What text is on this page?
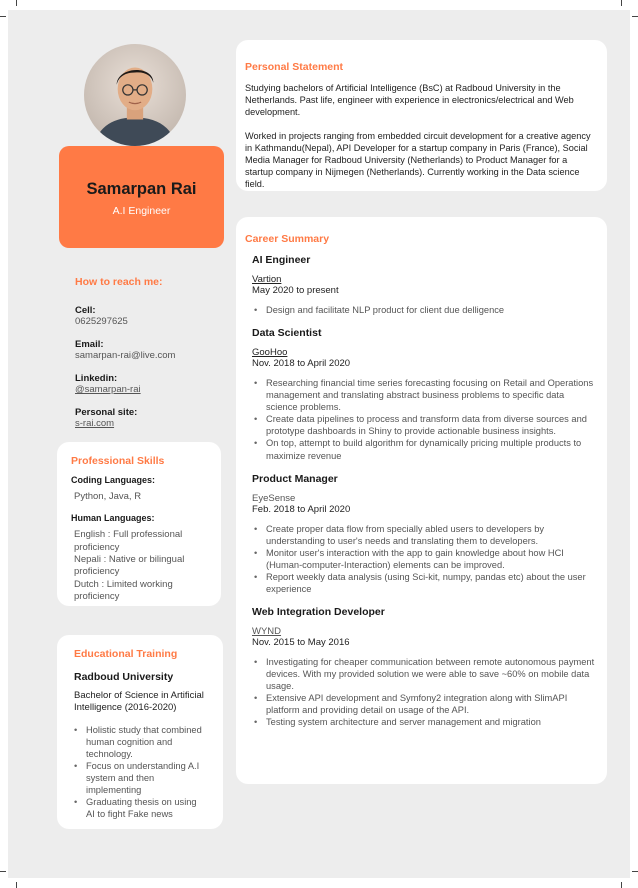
Samarpan Rai
A.I Engineer
How to reach me:
Cell:
0625297625
Email:
samarpan-rai@live.com
Linkedin:
@samarpan-rai
Personal site:
s-rai.com
Professional Skills
Coding Languages:
Python, Java, R
Human Languages:
English : Full professional proficiency
Nepali : Native or bilingual proficiency
Dutch : Limited working proficiency
Educational Training
Radboud University
Bachelor of Science in Artificial Intelligence (2016-2020)
• Holistic study that combined human cognition and technology.
• Focus on understanding A.I system and then implementing
• Graduating thesis on using AI to fight Fake news
Personal Statement

Studying bachelors of Artificial Intelligence (BsC) at Radboud University in the Netherlands. Past life, engineer with experience in electronics/electrical and Web development.

Worked in projects ranging from embedded circuit development for a creative agency in Kathmandu(Nepal), API Developer for a startup company in Paris (France), Social Media Manager for Radboud University (Netherlands) to Product Manager for a startup company in Nijmegen (Netherlands). Currently working in the Data science field.

Career Summary
AI Engineer
Vartion
May 2020 to present
• Design and facilitate NLP product for client due delligence
Data Scientist
GooHoo
Nov. 2018 to April 2020
• Researching financial time series forecasting focusing on Retail and Operations management and translating abstract business problems to specific data science problems.
• Create data pipelines to process and transform data from diverse sources and prototype dashboards in Shiny to provide actionable business insights.
• On top, attempt to build algorithm for dynamically pricing multiple products to maximize revenue
Product Manager
EyeSense
Feb. 2018 to April 2020
• Create proper data flow from specially abled users to developers by understanding to user's needs and translating them to developers.
• Monitor user's interaction with the app to gain knowledge about how HCI (Human-computer-Interaction) elements can be improved.
• Report weekly data analysis (using Sci-kit, numpy, pandas etc) about the user experience
Web Integration Developer
WYND
Nov. 2015 to May 2016
• Investigating for cheaper communication between remote autonomous payment devices. With my provided solution we were able to save ~60% on mobile data usage.
• Extensive API development and Symfony2 integration along with SlimAPI platform and providing detail on usage of the API.
• Testing system architecture and server management and migration
